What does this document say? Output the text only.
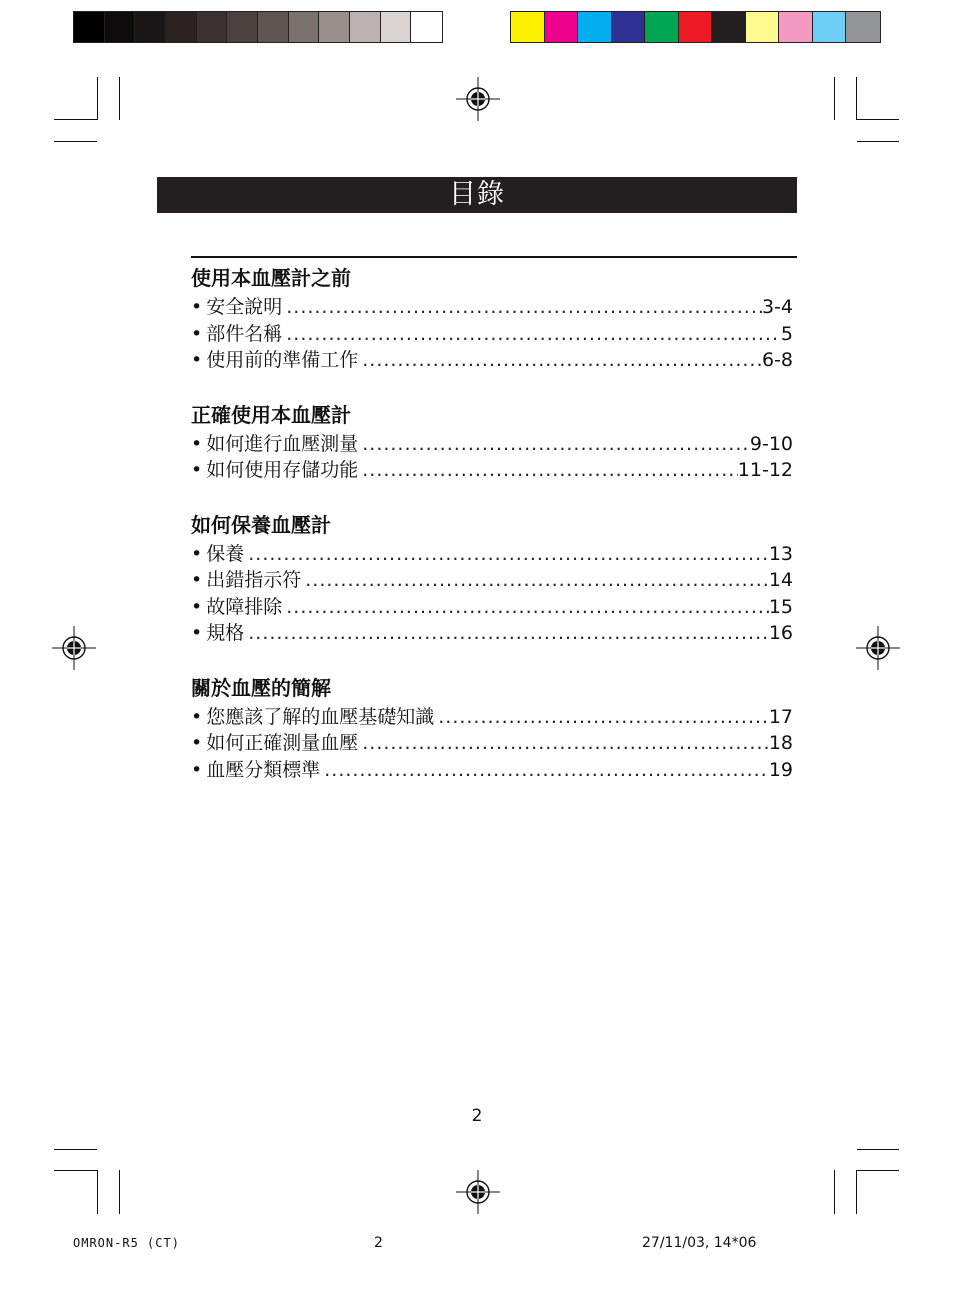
目錄
使用本血壓計之前
• 安全說明 .....	3-4
• 部件名稱 .....	5
• 使用前的準備工作 .....	6-8
正確使用本血壓計
• 如何進行血壓測量 .....	9-10
• 如何使用存儲功能 .....	11-12
如何保養血壓計
• 保養 .....	13
• 出錯指示符 .....	14
• 故障排除 .....	15
• 規格 .....	16
關於血壓的簡解
• 您應該了解的血壓基礎知識 .....	17
• 如何正確測量血壓 .....	18
• 血壓分類標準 .....	19
2
OMRON-R5 (CT)	2	27/11/03, 14*06
